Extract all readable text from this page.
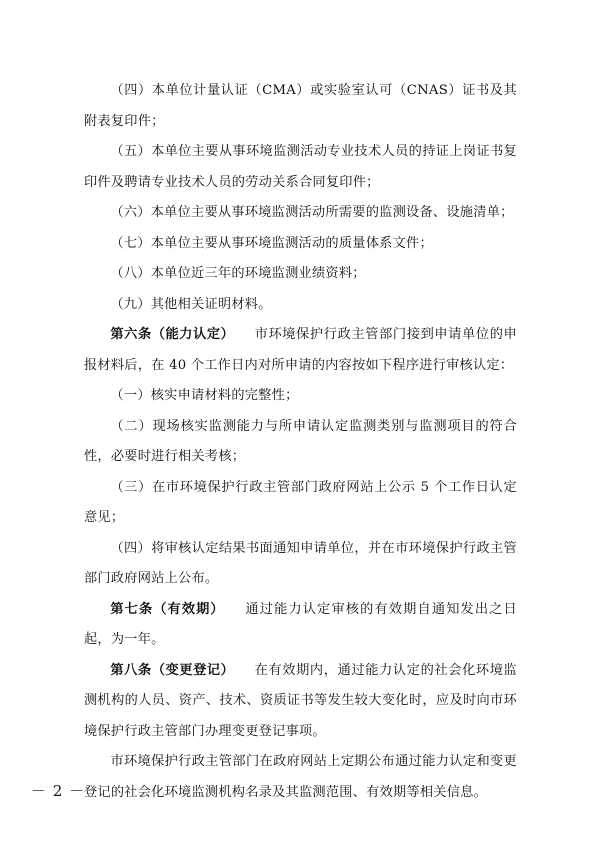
（四）本单位计量认证（CMA）或实验室认可（CNAS）证书及其附表复印件；

（五）本单位主要从事环境监测活动专业技术人员的持证上岗证书复印件及聘请专业技术人员的劳动关系合同复印件；

（六）本单位主要从事环境监测活动所需要的监测设备、设施清单；

（七）本单位主要从事环境监测活动的质量体系文件；

（八）本单位近三年的环境监测业绩资料；

（九）其他相关证明材料。

第六条（能力认定） 市环境保护行政主管部门接到申请单位的申报材料后，在 40 个工作日内对所申请的内容按如下程序进行审核认定：

（一）核实申请材料的完整性；

（二）现场核实监测能力与所申请认定监测类别与监测项目的符合性，必要时进行相关考核；

（三）在市环境保护行政主管部门政府网站上公示 5 个工作日认定意见；

（四）将审核认定结果书面通知申请单位，并在市环境保护行政主管部门政府网站上公布。

第七条（有效期） 通过能力认定审核的有效期自通知发出之日起，为一年。

第八条（变更登记） 在有效期内，通过能力认定的社会化环境监测机构的人员、资产、技术、资质证书等发生较大变化时，应及时向市环境保护行政主管部门办理变更登记事项。

市环境保护行政主管部门在政府网站上定期公布通过能力认定和变更登记的社会化环境监测机构名录及其监测范围、有效期等相关信息。

－ 2 －
